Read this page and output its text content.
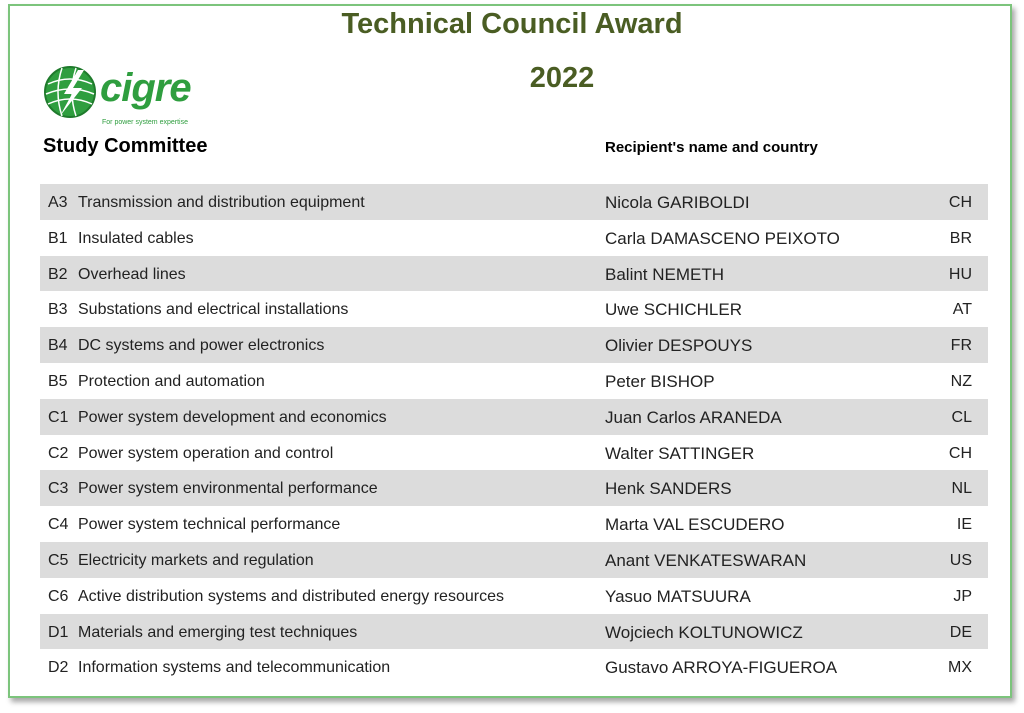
Technical Council Award
2022
cigre
For power system expertise
Study Committee	Recipient's name and country
A3 Transmission and distribution equipment	Nicola GARIBOLDI	CH
B1 Insulated cables	Carla DAMASCENO PEIXOTO	BR
B2 Overhead lines	Balint NEMETH	HU
B3 Substations and electrical installations	Uwe SCHICHLER	AT
B4 DC systems and power electronics	Olivier DESPOUYS	FR
B5 Protection and automation	Peter BISHOP	NZ
C1 Power system development and economics	Juan Carlos ARANEDA	CL
C2 Power system operation and control	Walter SATTINGER	CH
C3 Power system environmental performance	Henk SANDERS	NL
C4 Power system technical performance	Marta VAL ESCUDERO	IE
C5 Electricity markets and regulation	Anant VENKATESWARAN	US
C6 Active distribution systems and distributed energy resources	Yasuo MATSUURA	JP
D1 Materials and emerging test techniques	Wojciech KOLTUNOWICZ	DE
D2 Information systems and telecommunication	Gustavo ARROYA-FIGUEROA	MX
